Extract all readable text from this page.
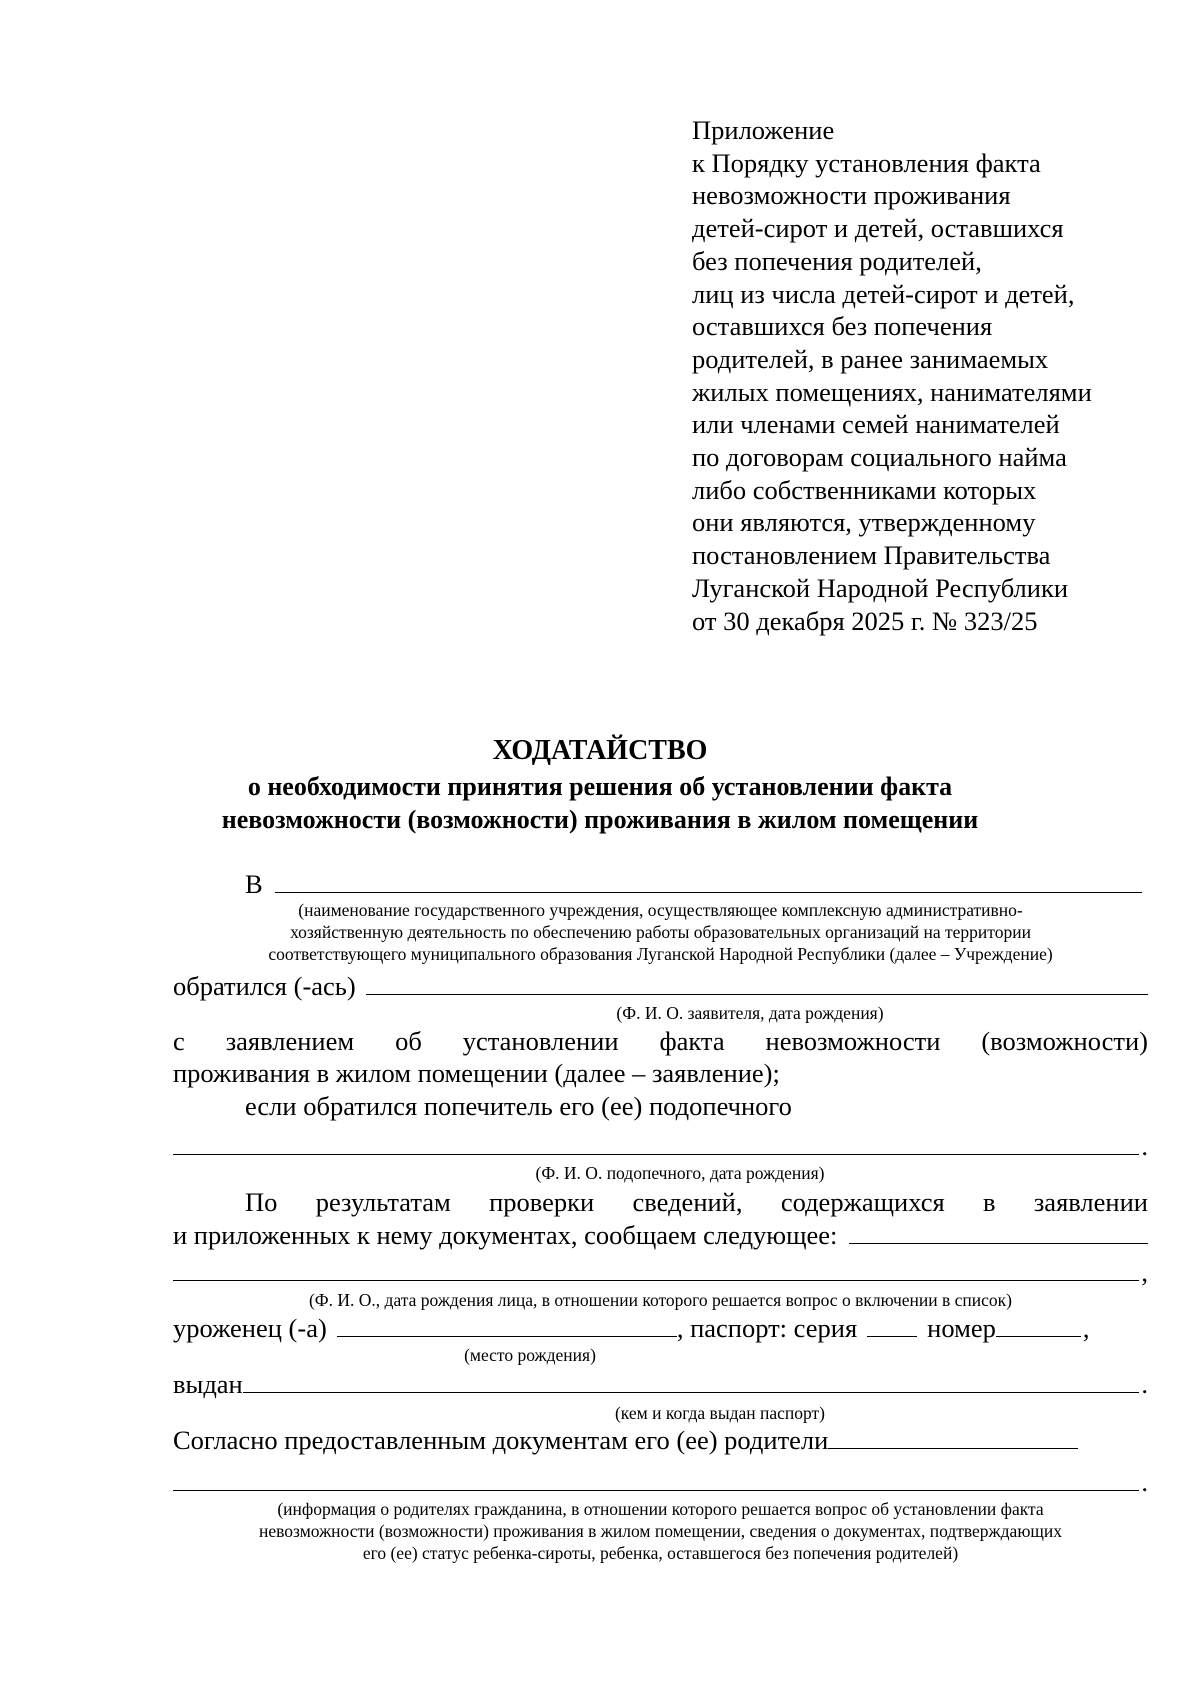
Приложение
к Порядку установления факта
невозможности проживания
детей-сирот и детей, оставшихся
без попечения родителей,
лиц из числа детей-сирот и детей,
оставшихся без попечения
родителей, в ранее занимаемых
жилых помещениях, нанимателями
или членами семей нанимателей
по договорам социального найма
либо собственниками которых
они являются, утвержденному
постановлением Правительства
Луганской Народной Республики
от 30 декабря 2025 г. № 323/25
ХОДАТАЙСТВО
о необходимости принятия решения об установлении факта
невозможности (возможности) проживания в жилом помещении
В
(наименование государственного учреждения, осуществляющее комплексную административно-
хозяйственную деятельность по обеспечению работы образовательных организаций на территории
соответствующего муниципального образования Луганской Народной Республики (далее – Учреждение)
обратился (-ась)
(Ф. И. О. заявителя, дата рождения)
с заявлением об установлении факта невозможности (возможности)
проживания в жилом помещении (далее – заявление);
если обратился попечитель его (ее) подопечного
.
(Ф. И. О. подопечного, дата рождения)
По результатам проверки сведений, содержащихся в заявлении
и приложенных к нему документах, сообщаем следующее:
,
(Ф. И. О., дата рождения лица, в отношении которого решается вопрос о включении в список)
уроженец (-а)	, паспорт: серия	номер	,
(место рождения)
выдан	.
(кем и когда выдан паспорт)
Согласно предоставленным документам его (ее) родители
.
(информация о родителях гражданина, в отношении которого решается вопрос об установлении факта
невозможности (возможности) проживания в жилом помещении, сведения о документах, подтверждающих
его (ее) статус ребенка-сироты, ребенка, оставшегося без попечения родителей)
